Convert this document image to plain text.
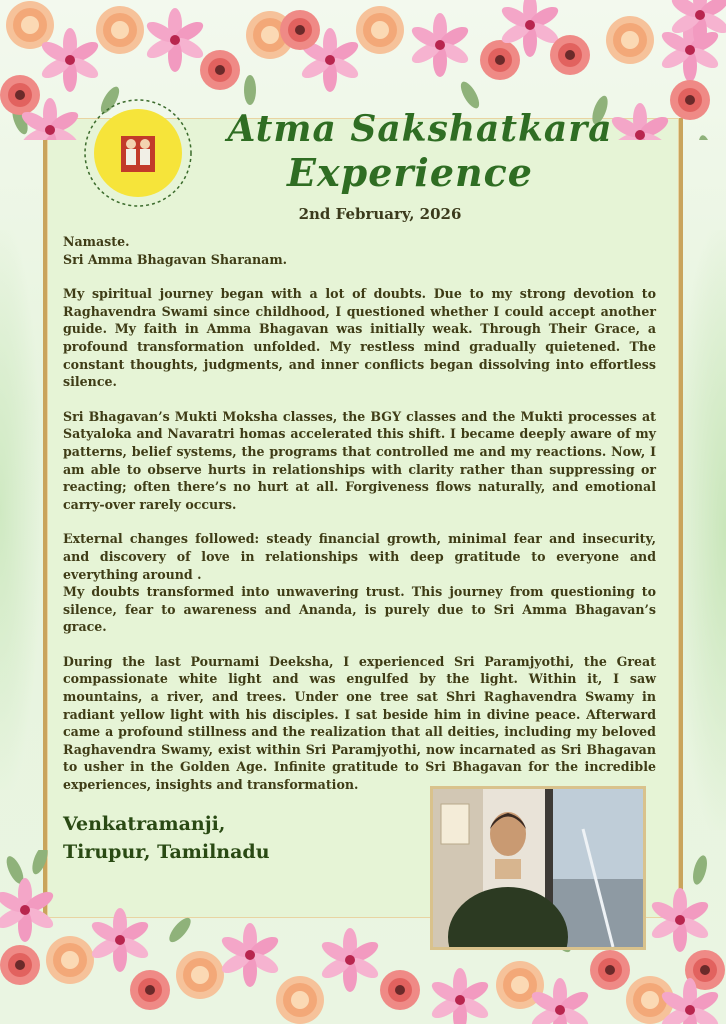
Atma Sakshatkara
Experience
2nd February, 2026

Namaste.

Sri Amma Bhagavan Sharanam.

My spiritual journey began with a lot of doubts. Due to my strong devotion to Raghavendra Swami since childhood, I questioned whether I could accept another guide. My faith in Amma Bhagavan was initially weak. Through Their Grace, a profound transformation unfolded. My restless mind gradually quietened. The constant thoughts, judgments, and inner conflicts began dissolving into effortless silence.

Sri Bhagavan’s Mukti Moksha classes, the BGY classes and the Mukti processes at Satyaloka and Navaratri homas accelerated this shift. I became deeply aware of my patterns, belief systems, the programs that controlled me and my reactions. Now, I am able to observe hurts in relationships with clarity rather than suppressing or reacting; often there’s no hurt at all. Forgiveness flows naturally, and emotional carry-over rarely occurs.

External changes followed: steady financial growth, minimal fear and insecurity, and discovery of love in relationships with deep gratitude to everyone and everything around .

My doubts transformed into unwavering trust. This journey from questioning to silence, fear to awareness and Ananda, is purely due to Sri Amma Bhagavan’s grace.

During the last Pournami Deeksha, I experienced Sri Paramjyothi, the Great compassionate white light and was engulfed by the light. Within it, I saw mountains, a river, and trees. Under one tree sat Shri Raghavendra Swamy in radiant yellow light with his disciples. I sat beside him in divine peace. Afterward came a profound stillness and the realization that all deities, including my beloved Raghavendra Swamy, exist within Sri Paramjyothi, now incarnated as Sri Bhagavan to usher in the Golden Age. Infinite gratitude to Sri Bhagavan for the incredible experiences, insights and transformation.

Venkatramanji,
Tirupur, Tamilnadu
